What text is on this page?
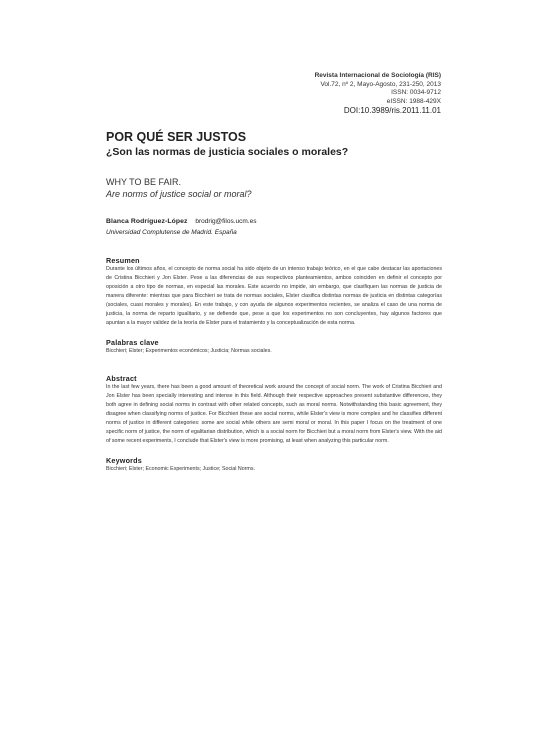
Revista Internacional de Sociología (RIS)
Vol.72, nº 2, Mayo-Agosto, 231-250, 2013
ISSN: 0034-9712
eISSN: 1988-429X
DOI:10.3989/ris.2011.11.01
POR QUÉ SER JUSTOS
¿Son las normas de justicia sociales o morales?
WHY TO BE FAIR.
Are norms of justice social or moral?
Blanca Rodríguez-López brodrig@filos.ucm.es
Universidad Complutense de Madrid. España
Resumen
Durante los últimos años, el concepto de norma social ha sido objeto de un intenso trabajo teórico, en el que cabe destacar las aportaciones de Cristina Bicchieri y Jon Elster. Pese a las diferencias de sus respectivos planteamientos, ambos coinciden en definir el concepto por oposición a otro tipo de normas, en especial las morales. Este acuerdo no impide, sin embargo, que clasifiquen las normas de justicia de manera diferente: mientras que para Bicchieri se trata de normas sociales, Elster clasifica distintas normas de justicia en distintas categorías (sociales, cuasi morales y morales). En este trabajo, y con ayuda de algunos experimentos recientes, se analiza el caso de una norma de justicia, la norma de reparto igualitario, y se defiende que, pese a que los experimentos no son concluyentes, hay algunos factores que apuntan a la mayor validez de la teoría de Elster para el tratamiento y la conceptualización de esta norma.
Palabras clave
Bicchieri; Elster; Experimentos económicos; Justicia; Normas sociales.
Abstract
In the last few years, there has been a good amount of theoretical work around the concept of social norm. The work of Cristina Bicchieri and Jon Elster has been specially interesting and intense in this field. Although their respective approaches present substantive differences, they both agree in defining social norms in contrast with other related concepts, such as moral norms. Notwithstanding this basic agreement, they disagree when classifying norms of justice. For Bicchieri these are social norms, while Elster's view is more complex and he classifies different norms of justice in different categories: some are social while others are semi moral or moral. In this paper I focus on the treatment of one specific norm of justice, the norm of egalitarian distribution, which is a social norm for Bicchieri but a moral norm from Elster's view. With the aid of some recent experiments, I conclude that Elster's view is more promising, at least when analyzing this particular norm.
Keywords
Bicchieri; Elster; Economic Experiments; Justice; Social Norms.
